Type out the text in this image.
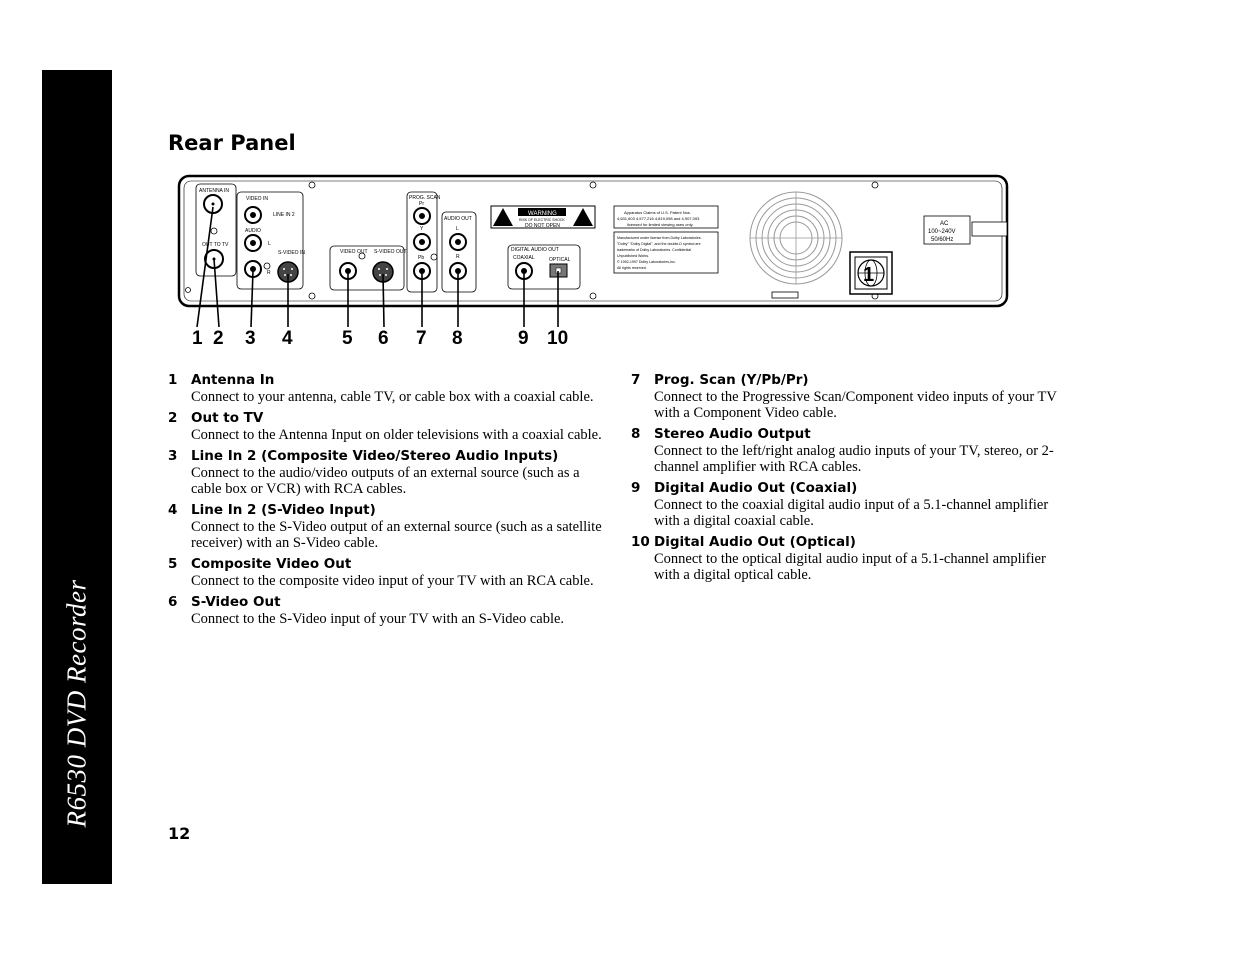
R6530 DVD Recorder
Rear Panel
ANTENNA IN
OUT TO TV
VIDEO IN
LINE IN 2
AUDIO
L
R
S-VIDEO IN	VIDEO OUT S-VIDEO OUT
PROG. SCAN
Pr
Y
Pb
AUDIO OUT
L
R
WARNING
RISK OF ELECTRIC SHOCK
DO NOT OPEN
DIGITAL AUDIO OUT
COAXIAL	OPTICAL
Apparatus Claims of U.S. Patent Nos.
4,631,603 4,577,216 4,819,098 and 4,907,093
licensed for limited viewing uses only.
Manufactured under license from Dolby Laboratories.
"Dolby" "Dolby Digital", and the double-D symbol are
trademarks of Dolby Laboratories. Confidential
Unpublished Works.
© 1992-1997 Dolby Laboratories,Inc.
All rights reserved.
AC
100~240V
50/60Hz
1
1 2 3 4	5 6 7 8	9 10
1	Antenna In
Connect to your antenna, cable TV, or cable box with a coaxial cable.
2	Out to TV
Connect to the Antenna Input on older televisions with a coaxial cable.
3	Line In 2 (Composite Video/Stereo Audio Inputs)
Connect to the audio/video outputs of an external source (such as a cable box or VCR) with RCA cables.
4	Line In 2 (S-Video Input)
Connect to the S-Video output of an external source (such as a satellite receiver) with an S-Video cable.
5	Composite Video Out
Connect to the composite video input of your TV with an RCA cable.
6	S-Video Out
Connect to the S-Video input of your TV with an S-Video cable.
7	Prog. Scan (Y/Pb/Pr)
Connect to the Progressive Scan/Component video inputs of your TV with a Component Video cable.
8	Stereo Audio Output
Connect to the left/right analog audio inputs of your TV, stereo, or 2-channel amplifier with RCA cables.
9	Digital Audio Out (Coaxial)
Connect to the coaxial digital audio input of a 5.1-channel amplifier with a digital coaxial cable.
10 Digital Audio Out (Optical)
Connect to the optical digital audio input of a 5.1-channel amplifier with a digital optical cable.
12
